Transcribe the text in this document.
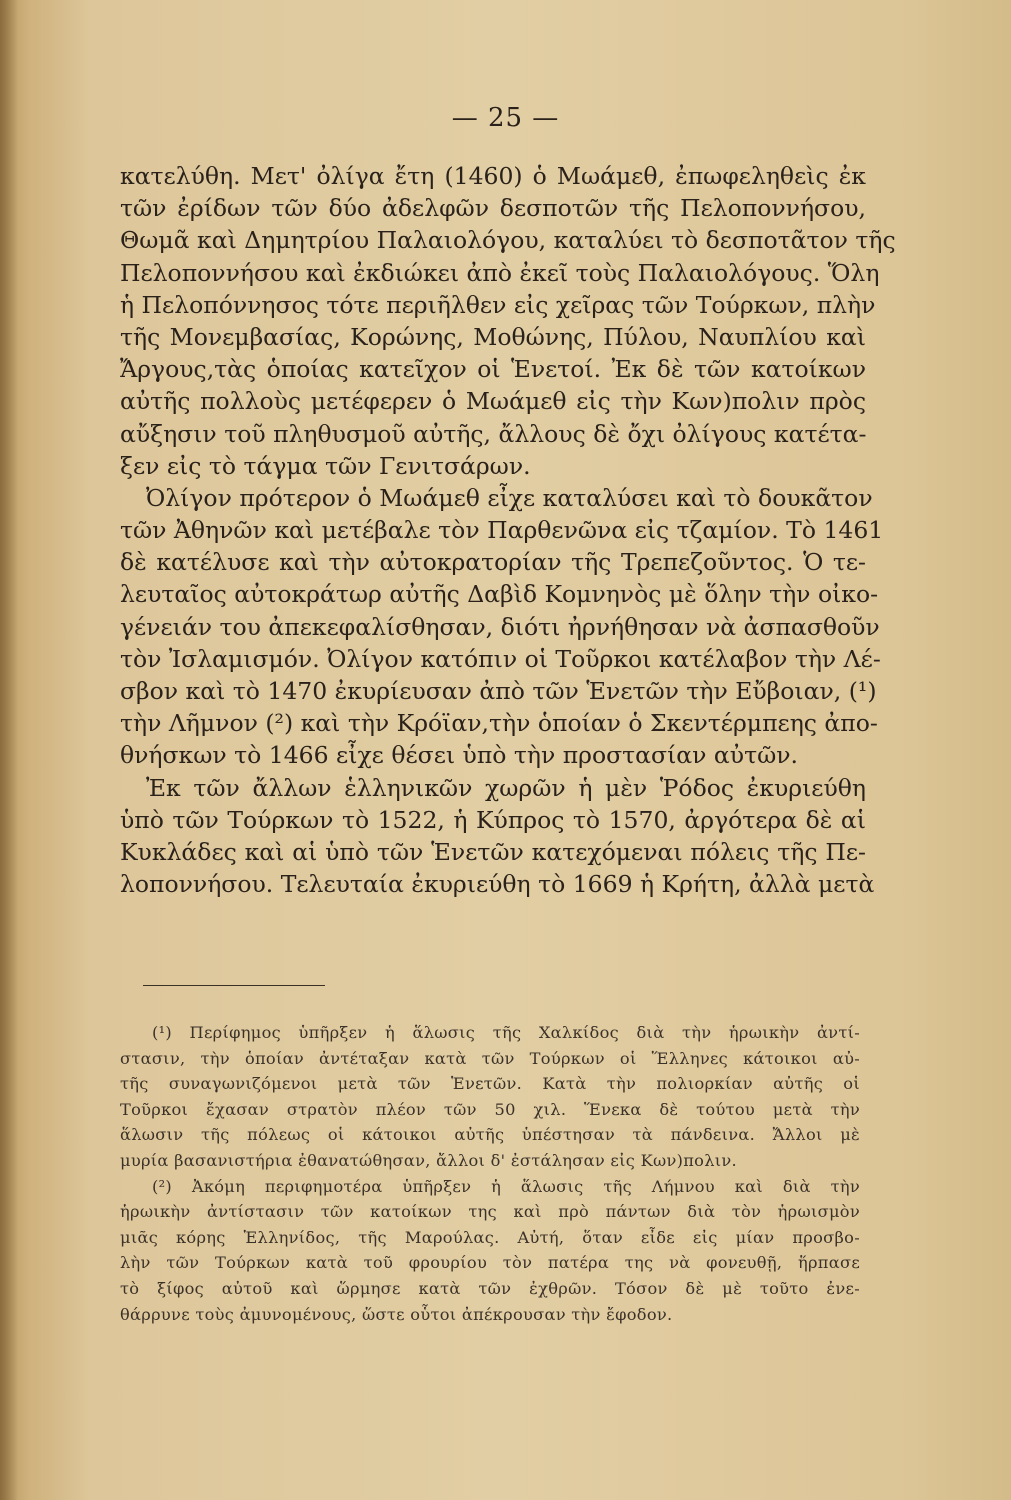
— 25 —
κατελύθη. Μετ' ὀλίγα ἔτη (1460) ὁ Μωάμεθ, ἐπωφεληθεὶς ἐκ
τῶν ἐρίδων τῶν δύο ἀδελφῶν δεσποτῶν τῆς Πελοποννήσου,
Θωμᾶ καὶ Δημητρίου Παλαιολόγου, καταλύει τὸ δεσποτᾶτον τῆς
Πελοποννήσου καὶ ἐκδιώκει ἀπὸ ἐκεῖ τοὺς Παλαιολόγους. Ὅλη
ἡ Πελοπόννησος τότε περιῆλθεν εἰς χεῖρας τῶν Τούρκων, πλὴν
τῆς Μονεμβασίας, Κορώνης, Μοθώνης, Πύλου, Ναυπλίου καὶ
Ἄργους,τὰς ὁποίας κατεῖχον οἱ Ἑνετοί. Ἐκ δὲ τῶν κατοίκων
αὐτῆς πολλοὺς μετέφερεν ὁ Μωάμεθ εἰς τὴν Κων)πολιν πρὸς
αὔξησιν τοῦ πληθυσμοῦ αὐτῆς, ἄλλους δὲ ὄχι ὀλίγους κατέτα-
ξεν εἰς τὸ τάγμα τῶν Γενιτσάρων.
Ὀλίγον πρότερον ὁ Μωάμεθ εἶχε καταλύσει καὶ τὸ δουκᾶτον
τῶν Ἀθηνῶν καὶ μετέβαλε τὸν Παρθενῶνα εἰς τζαμίον. Τὸ 1461
δὲ κατέλυσε καὶ τὴν αὐτοκρατορίαν τῆς Τρεπεζοῦντος. Ὁ τε-
λευταῖος αὐτοκράτωρ αὐτῆς Δαβὶδ Κομνηνὸς μὲ ὅλην τὴν οἰκο-
γένειάν του ἀπεκεφαλίσθησαν, διότι ἠρνήθησαν νὰ ἀσπασθοῦν
τὸν Ἰσλαμισμόν. Ὀλίγον κατόπιν οἱ Τοῦρκοι κατέλαβον τὴν Λέ-
σβον καὶ τὸ 1470 ἐκυρίευσαν ἀπὸ τῶν Ἑνετῶν τὴν Εὔβοιαν, (¹)
τὴν Λῆμνον (²) καὶ τὴν Κρόϊαν,τὴν ὁποίαν ὁ Σκεντέρμπεης ἀπο-
θνήσκων τὸ 1466 εἶχε θέσει ὑπὸ τὴν προστασίαν αὐτῶν.
Ἐκ τῶν ἄλλων ἑλληνικῶν χωρῶν ἡ μὲν Ῥόδος ἐκυριεύθη
ὑπὸ τῶν Τούρκων τὸ 1522, ἡ Κύπρος τὸ 1570, ἀργότερα δὲ αἱ
Κυκλάδες καὶ αἱ ὑπὸ τῶν Ἑνετῶν κατεχόμεναι πόλεις τῆς Πε-
λοποννήσου. Τελευταία ἐκυριεύθη τὸ 1669 ἡ Κρήτη, ἀλλὰ μετὰ
(¹) Περίφημος ὑπῆρξεν ἡ ἅλωσις τῆς Χαλκίδος διὰ τὴν ἡρωικὴν ἀντί-
στασιν, τὴν ὁποίαν ἀντέταξαν κατὰ τῶν Τούρκων οἱ Ἕλληνες κάτοικοι αὐ-
τῆς συναγωνιζόμενοι μετὰ τῶν Ἑνετῶν. Κατὰ τὴν πολιορκίαν αὐτῆς οἱ
Τοῦρκοι ἔχασαν στρατὸν πλέον τῶν 50 χιλ. Ἕνεκα δὲ τούτου μετὰ τὴν
ἅλωσιν τῆς πόλεως οἱ κάτοικοι αὐτῆς ὑπέστησαν τὰ πάνδεινα. Ἄλλοι μὲ
μυρία βασανιστήρια ἐθανατώθησαν, ἄλλοι δ' ἐστάλησαν εἰς Κων)πολιν.
(²) Ἀκόμη περιφημοτέρα ὑπῆρξεν ἡ ἅλωσις τῆς Λήμνου καὶ διὰ τὴν
ἡρωικὴν ἀντίστασιν τῶν κατοίκων της καὶ πρὸ πάντων διὰ τὸν ἡρωισμὸν
μιᾶς κόρης Ἑλληνίδος, τῆς Μαρούλας. Αὐτή, ὅταν εἶδε εἰς μίαν προσβο-
λὴν τῶν Τούρκων κατὰ τοῦ φρουρίου τὸν πατέρα της νὰ φονευθῇ, ἥρπασε
τὸ ξίφος αὐτοῦ καὶ ὥρμησε κατὰ τῶν ἐχθρῶν. Τόσον δὲ μὲ τοῦτο ἐνε-
θάρρυνε τοὺς ἀμυνομένους, ὥστε οὗτοι ἀπέκρουσαν τὴν ἔφοδον.
